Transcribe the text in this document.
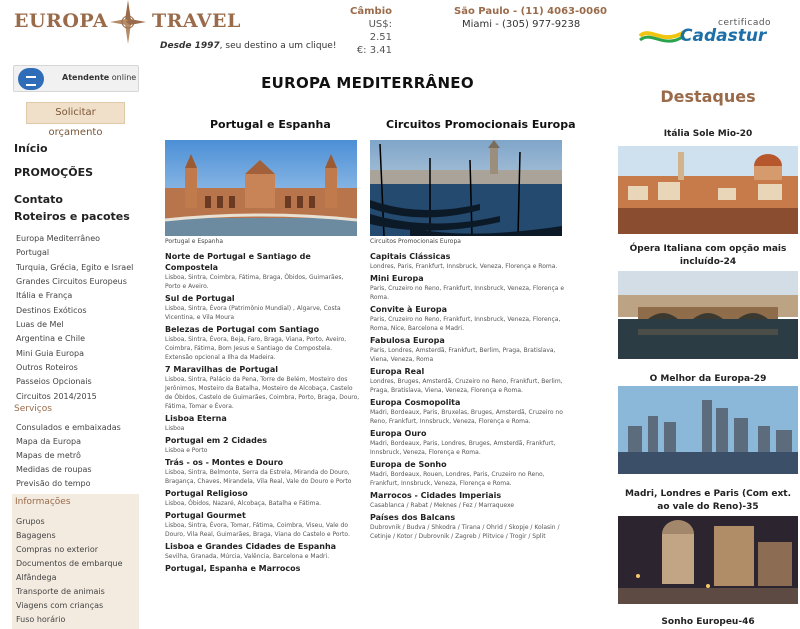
EUROPA TRAVEL
Desde 1997, seu destino a um clique!
Câmbio
US$: 2.51
€: 3.41
São Paulo - (11) 4063-0060
Miami - (305) 977-9238	certificado
Cadastur
Atendente online
Solicitar orçamento
Início
PROMOÇÕES
Contato
Roteiros e pacotes
Europa Mediterrâneo
Portugal
Turquia, Grécia, Egito e Israel
Grandes Circuitos Europeus
Itália e França
Destinos Exóticos
Luas de Mel
Argentina e Chile
Mini Guia Europa
Outros Roteiros
Passeios Opcionais
Circuitos 2014/2015
Serviços
Consulados e embaixadas
Mapa da Europa
Mapas de metrô
Medidas de roupas
Previsão do tempo
Informações
Grupos
Bagagens
Compras no exterior
Documentos de embarque
Alfândega
Transporte de animais
Viagens com crianças
Fuso horário
EUROPA MEDITERRÂNEO
Portugal e Espanha	Circuitos Promocionais Europa
Portugal e Espanha
Norte de Portugal e Santiago de Compostela
Lisboa, Sintra, Coimbra, Fátima, Braga, Óbidos, Guimarães, Porto e Aveiro.
Sul de Portugal
Lisboa, Sintra, Évora (Patrimônio Mundial) , Algarve, Costa Vicentina, e Vila Moura
Belezas de Portugal com Santiago
Lisboa, Sintra, Évora, Beja, Faro, Braga, Viana, Porto, Aveiro, Coimbra, Fátima, Bom Jesus e Santiago de Compostela. Extensão opcional a Ilha da Madeira.
7 Maravilhas de Portugal
Lisboa, Sintra, Palácio da Pena, Torre de Belém, Mosteiro dos Jerônimos, Mosteiro da Batalha, Mosteiro de Alcobaça, Castelo de Óbidos, Castelo de Guimarães, Coimbra, Porto, Braga, Douro, Fátima, Tomar e Évora.
Lisboa Eterna
Lisboa
Portugal em 2 Cidades
Lisboa e Porto
Trás - os - Montes e Douro
Lisboa, Sintra, Belmonte, Serra da Estrela, Miranda do Douro, Bragança, Chaves, Mirandela, Vila Real, Vale do Douro e Porto
Portugal Religioso
Lisboa, Óbidos, Nazaré, Alcobaça, Batalha e Fátima.
Portugal Gourmet
Lisboa, Sintra, Évora, Tomar, Fátima, Coimbra, Viseu, Vale do Douro, Vila Real, Guimarães, Braga, Viana do Castelo e Porto.
Lisboa e Grandes Cidades de Espanha
Sevilha, Granada, Múrcia, Valência, Barcelona e Madri.
Portugal, Espanha e Marrocos
Circuitos Promocionais Europa
Capitais Clássicas
Londres, Paris, Frankfurt, Innsbruck, Veneza, Florença e Roma.
Mini Europa
Paris, Cruzeiro no Reno, Frankfurt, Innsbruck, Veneza, Florença e Roma.
Convite à Europa
Paris, Cruzeiro no Reno, Frankfurt, Innsbruck, Veneza, Florença, Roma, Nice, Barcelona e Madri.
Fabulosa Europa
Paris, Londres, Amsterdã, Frankfurt, Berlim, Praga, Bratislava, Viena, Veneza, Roma
Europa Real
Londres, Bruges, Amsterdã, Cruzeiro no Reno, Frankfurt, Berlim, Praga, Bratislava, Viena, Veneza, Florença e Roma.
Europa Cosmopolita
Madri, Bordeaux, Paris, Bruxelas, Bruges, Amsterdã, Cruzeiro no Reno, Frankfurt, Innsbruck, Veneza, Florença e Roma.
Europa Ouro
Madri, Bordeaux, Paris, Londres, Bruges, Amsterdã, Frankfurt, Innsbruck, Veneza, Florença e Roma.
Europa de Sonho
Madri, Bordeaux, Rouen, Londres, Paris, Cruzeiro no Reno, Frankfurt, Innsbruck, Veneza, Florença e Roma.
Marrocos - Cidades Imperiais
Casablanca / Rabat / Meknes / Fez / Marraquexe
Países dos Balcans
Dubrovnik / Budva / Shkodra / Tirana / Ohrid / Skopje / Kolasin / Cetinje / Kotor / Dubrovnik / Zagreb / Plitvice / Trogir / Split
Destaques
Itália Sole Mio-20
Ópera Italiana com opção mais incluído-24
O Melhor da Europa-29
Madri, Londres e Paris (Com ext. ao vale do Reno)-35
Sonho Europeu-46
